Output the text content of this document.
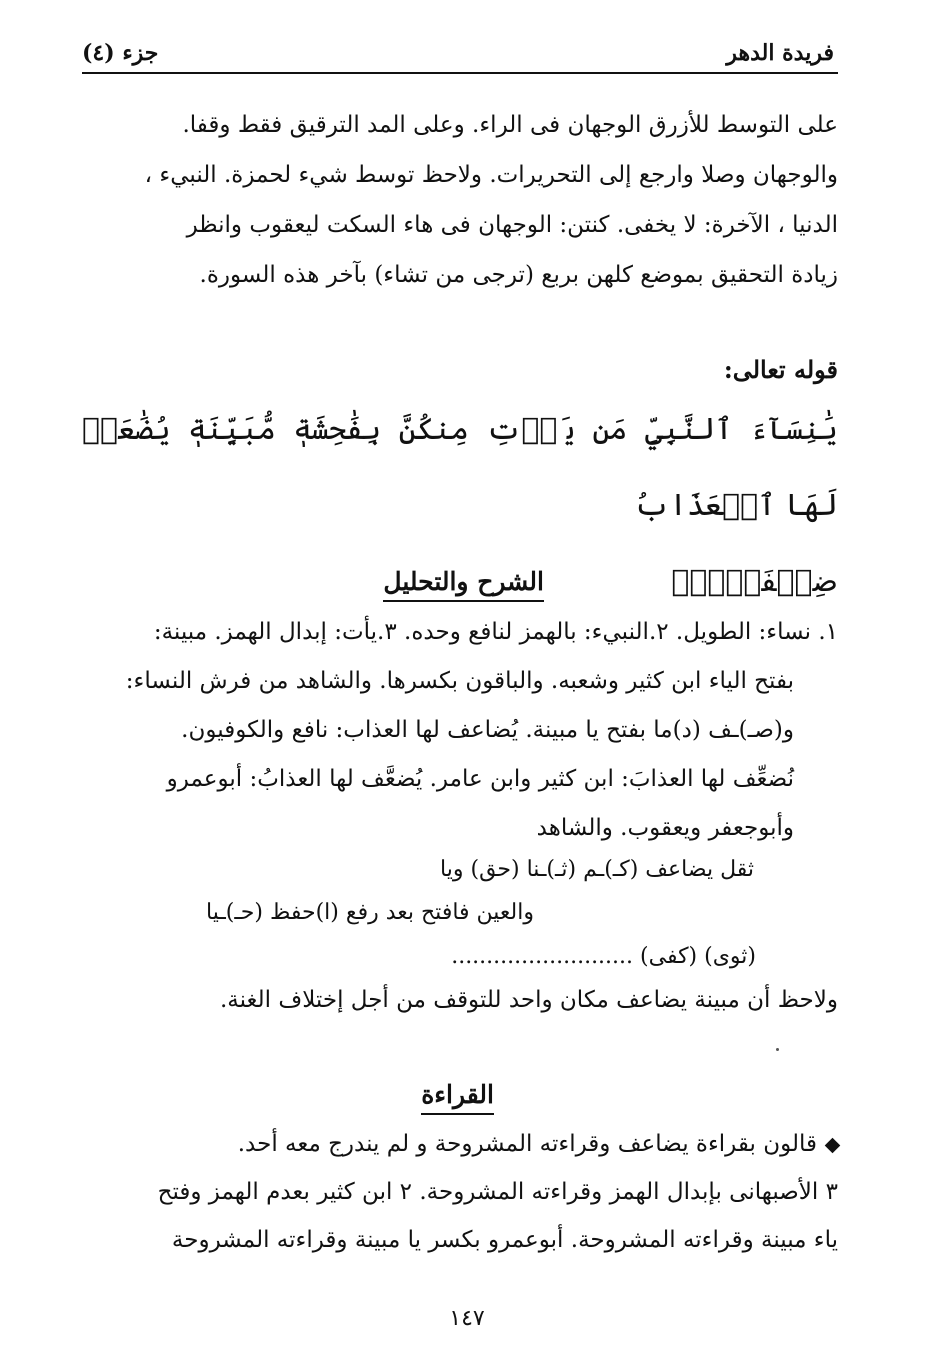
جزء (٤)	فريدة الدهر

على التوسط للأزرق الوجهان فى الراء. وعلى المد الترقيق فقط وقفا.

والوجهان وصلا وارجع إلى التحريرات. ولاحظ توسط شيء لحمزة. النبيء ،

الدنيا ، الآخرة: لا يخفى. كنتن: الوجهان فى هاء السكت ليعقوب وانظر

زيادة التحقيق بموضع كلهن بربع (ترجى من تشاء) بآخر هذه السورة.

قوله تعالى:
يَٰنِسَآءَ ٱلنَّبِيِّ مَن يَأۡتِ مِنكُنَّ بِفَٰحِشَةٖ مُّبَيِّنَةٖ يُضَٰعَفۡ لَهَا ٱلۡعَذَابُ
ضِعۡفَيۡنِۚ
الشرح والتحليل

١. نساء: الطويل. ٢.النبيء: بالهمز لنافع وحده. ٣.يأت: إبدال الهمز. مبينة:

بفتح الياء ابن كثير وشعبه. والباقون بكسرها. والشاهد من فرش النساء:

و(صـ)ـف (د)ما بفتح يا مبينة. يُضاعف لها العذاب: نافع والكوفيون.

نُضعِّف لها العذابَ: ابن كثير وابن عامر. يُضعَّف لها العذابُ: أبوعمرو

وأبوجعفر ويعقوب. والشاهد

ثقل يضاعف (كـ)ـم (ثـ)ـنا (حق) ويا
والعين فافتح بعد رفع (ا)حفظ (حـ)ـيا
(ثوى) (كفى) ..........................
ولاحظ أن مبينة يضاعف مكان واحد للتوقف من أجل إختلاف الغنة.
القراءة

قالون بقراءة يضاعف وقراءته المشروحة و لم يندرج معه أحد.

٣ الأصبهانى بإبدال الهمز وقراءته المشروحة. ٢ ابن كثير بعدم الهمز وفتح

ياء مبينة وقراءته المشروحة. أبوعمرو بكسر يا مبينة وقراءته المشروحة

١٤٧
